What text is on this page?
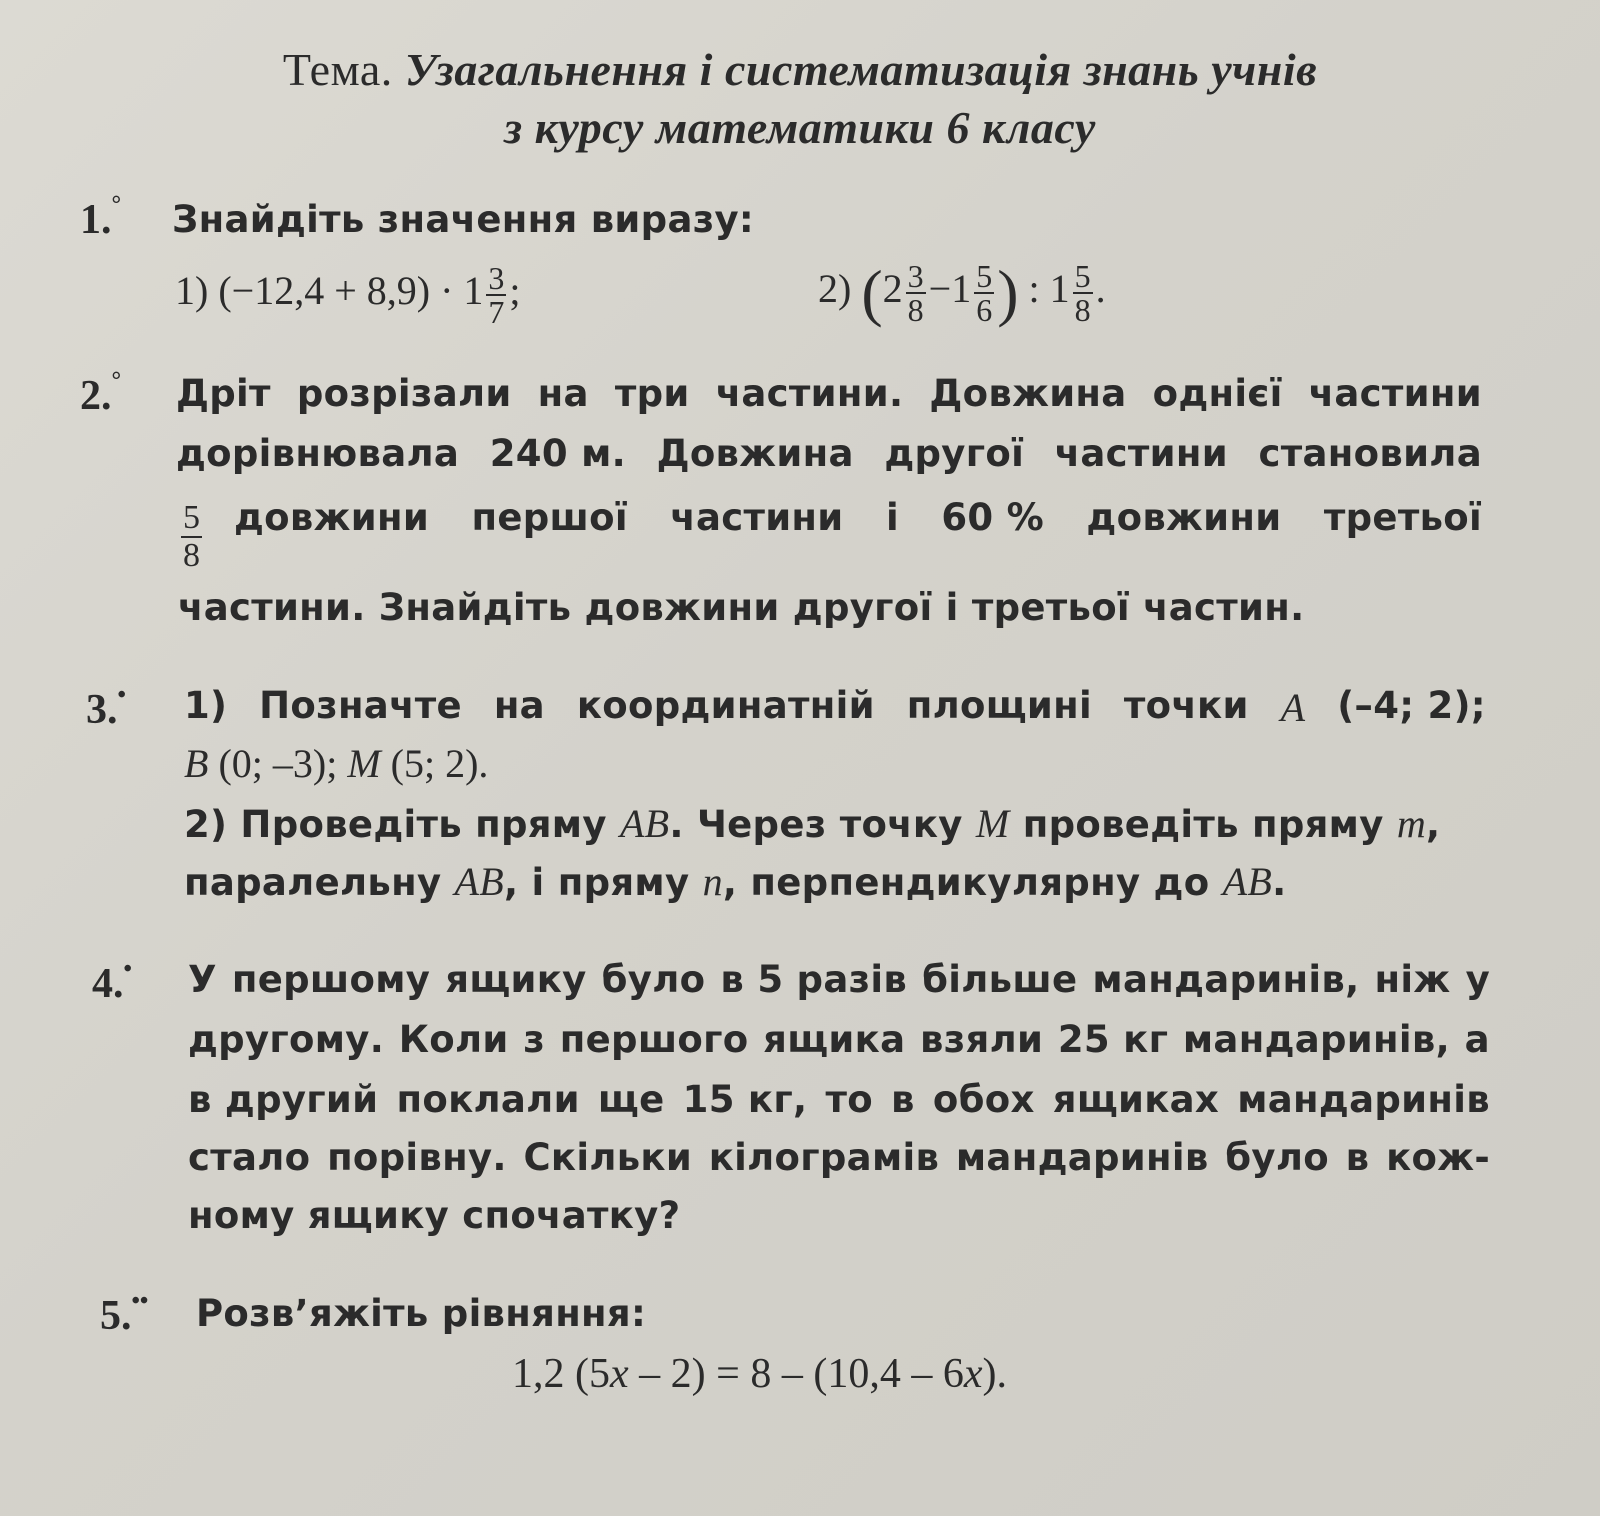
Тема. Узагальнення і систематизація знань учнів
з курсу математики 6 класу
1.° Знайдіть значення виразу:
1) $(-12,4 + 8,9) \cdot 1 \frac{3}{7}$ ;	2) ($2 \frac{3}{8} -1 \frac{5}{6}$ ) : $1 \frac{5}{8}$ .
2.° Дріт розрізали на три частини. Довжина однієї частини
дорівнювала 240 м. Довжина другої частини становила
$\frac{5}{8}$ довжини першої частини і 60 % довжини третьої
частини. Знайдіть довжини другої і третьої частин.
3.• 1) Позначте на координатній площині точки A (–4; 2);
B (0; –3); M (5; 2).
2) Проведіть пряму AB. Через точку M проведіть пряму m,
паралельну AB, і пряму n, перпендикулярну до AB.
4.• У першому ящику було в 5 разів більше мандаринів, ніж у
другому. Коли з першого ящика взяли 25 кг мандаринів, а
в другий поклали ще 15 кг, то в обох ящиках мандаринів
стало порівну. Скільки кілограмів мандаринів було в кож-
ному ящику спочатку?
5.•• Розв’яжіть рівняння:
1,2 (5x – 2) = 8 – (10,4 – 6x).
